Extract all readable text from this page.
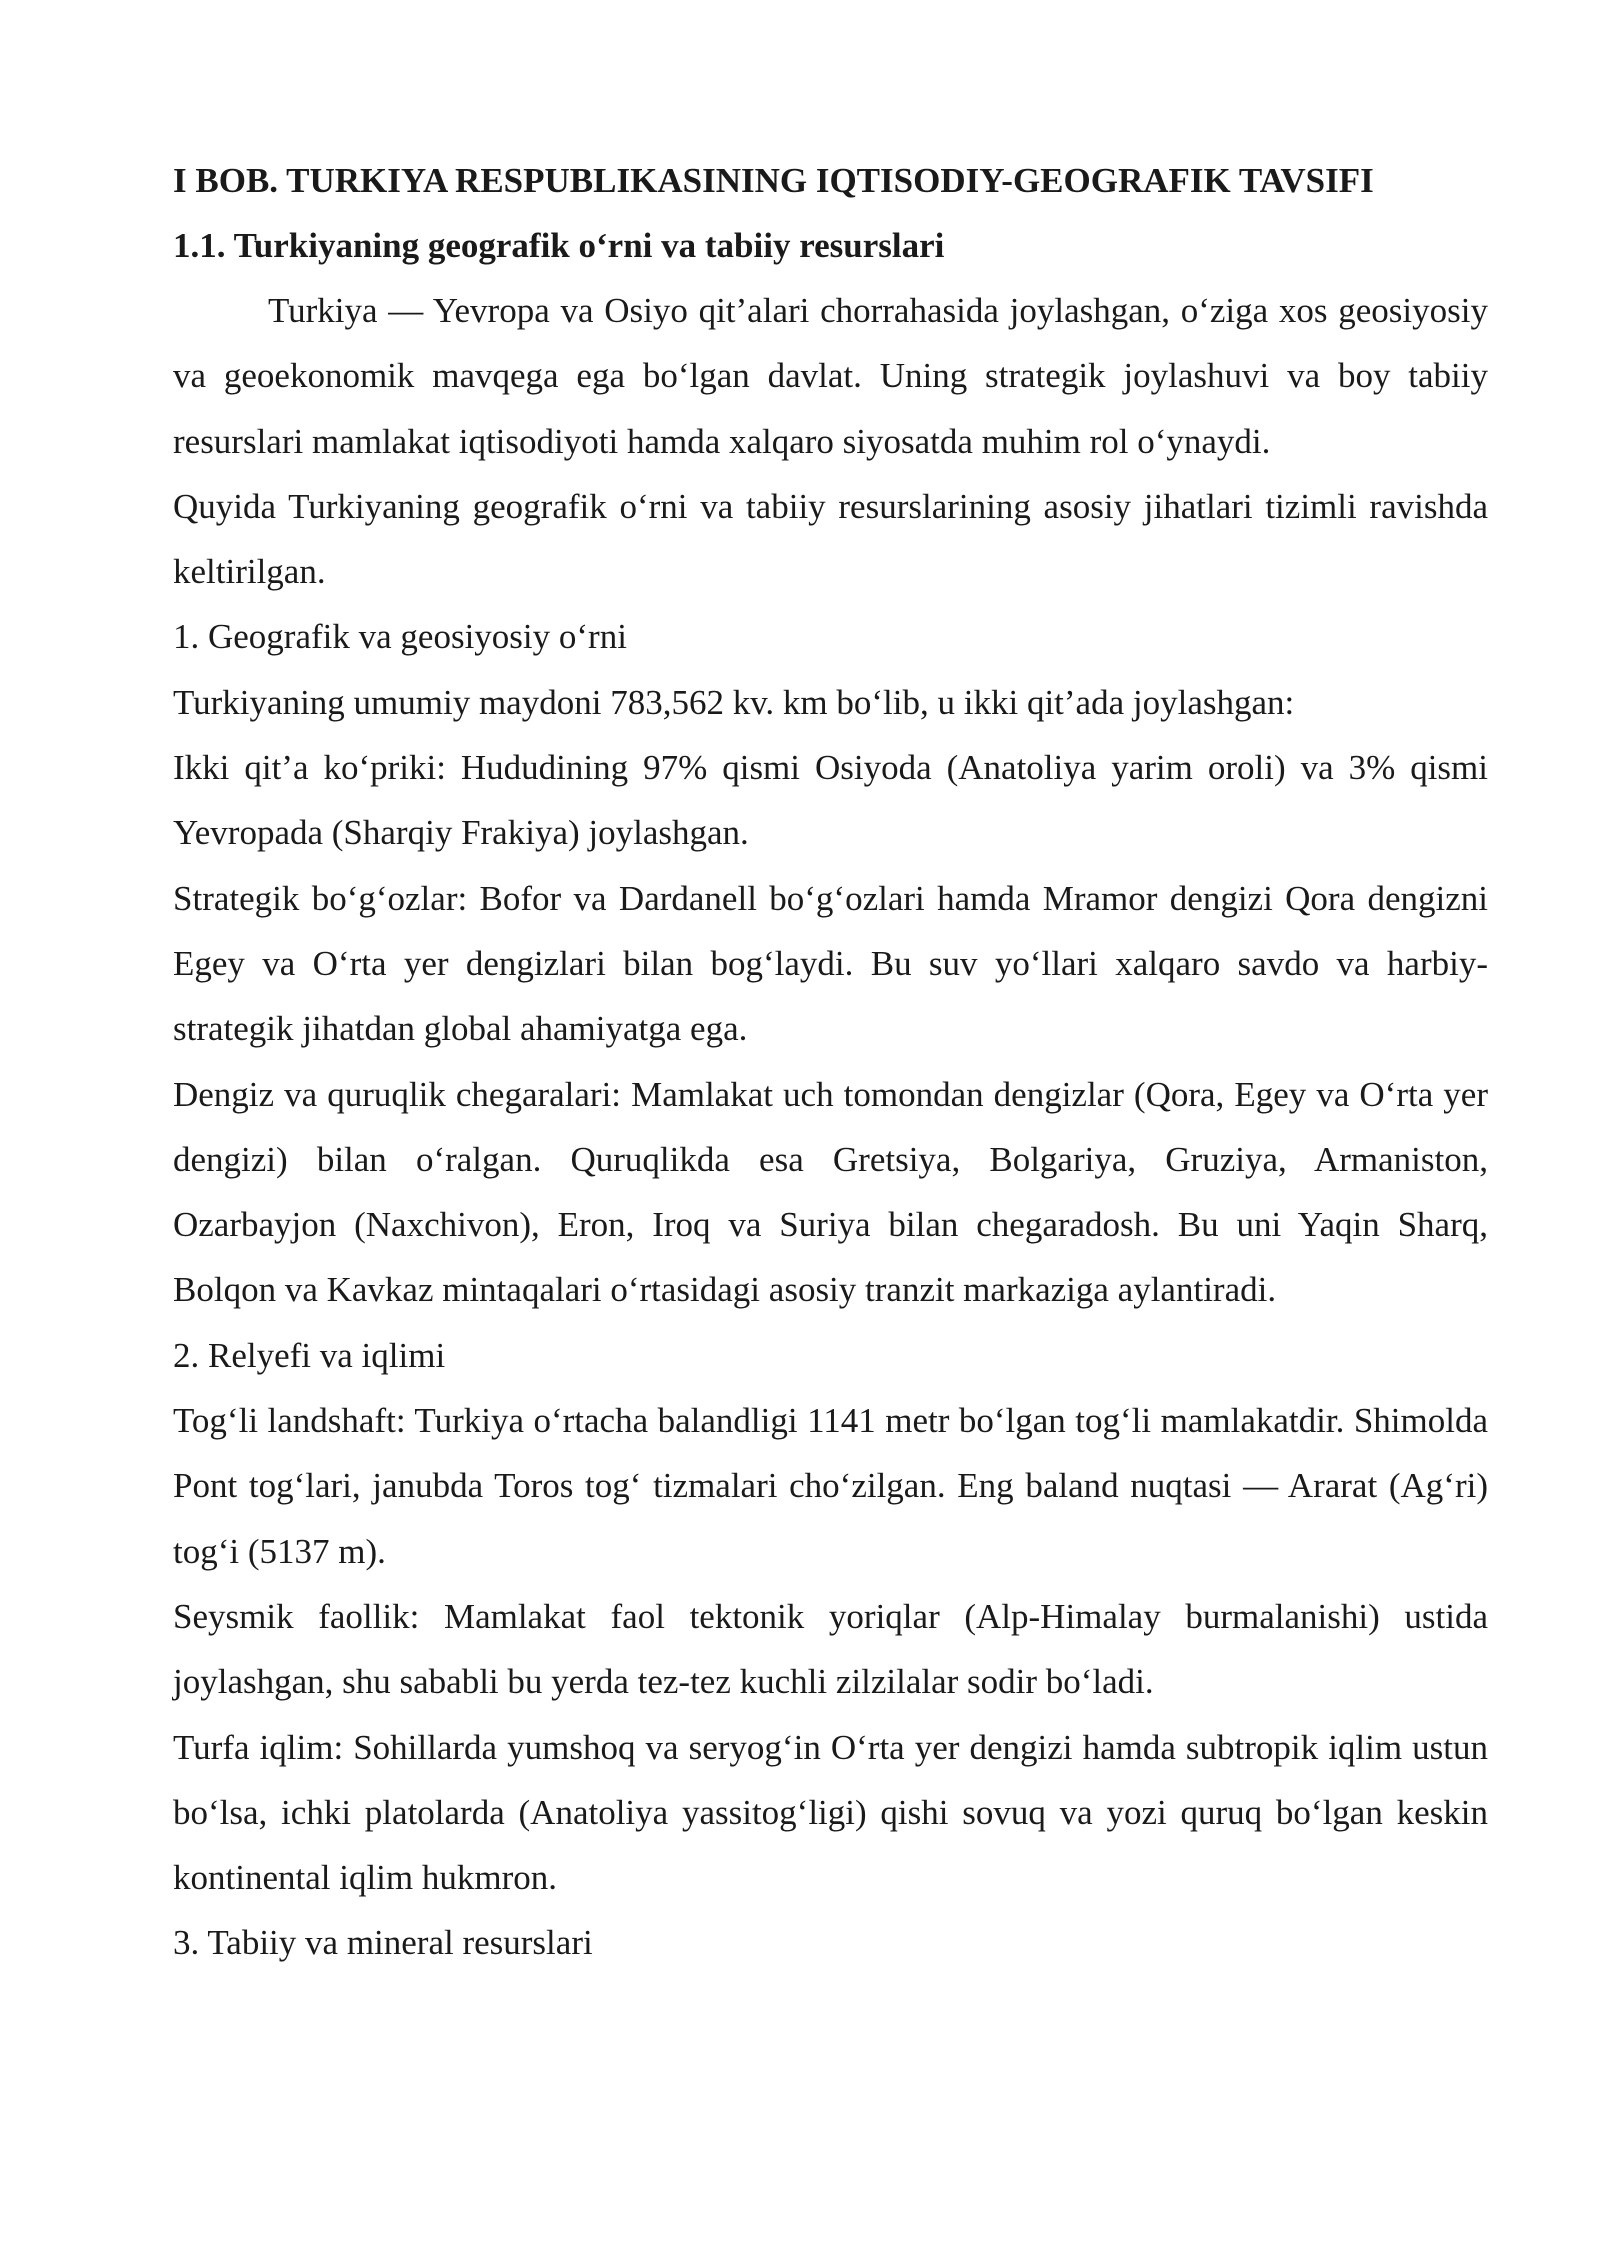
I BOB. TURKIYA RESPUBLIKASINING IQTISODIY-GEOGRAFIK TAVSIFI
1.1. Turkiyaning geografik o‘rni va tabiiy resurslari

Turkiya — Yevropa va Osiyo qit’alari chorrahasida joylashgan, o‘ziga xos geosiyosiy va geoekonomik mavqega ega bo‘lgan davlat. Uning strategik joylashuvi va boy tabiiy resurslari mamlakat iqtisodiyoti hamda xalqaro siyosatda muhim rol o‘ynaydi.

Quyida Turkiyaning geografik o‘rni va tabiiy resurslarining asosiy jihatlari tizimli ravishda keltirilgan.

1. Geografik va geosiyosiy o‘rni

Turkiyaning umumiy maydoni 783,562 kv. km bo‘lib, u ikki qit’ada joylashgan:

Ikki qit’a ko‘priki: Hududining 97% qismi Osiyoda (Anatoliya yarim oroli) va 3% qismi Yevropada (Sharqiy Frakiya) joylashgan.

Strategik bo‘g‘ozlar: Bofor va Dardanell bo‘g‘ozlari hamda Mramor dengizi Qora dengizni Egey va O‘rta yer dengizlari bilan bog‘laydi. Bu suv yo‘llari xalqaro savdo va harbiy-strategik jihatdan global ahamiyatga ega.

Dengiz va quruqlik chegaralari: Mamlakat uch tomondan dengizlar (Qora, Egey va O‘rta yer dengizi) bilan o‘ralgan. Quruqlikda esa Gretsiya, Bolgariya, Gruziya, Armaniston, Ozarbayjon (Naxchivon), Eron, Iroq va Suriya bilan chegaradosh. Bu uni Yaqin Sharq, Bolqon va Kavkaz mintaqalari o‘rtasidagi asosiy tranzit markaziga aylantiradi.

2. Relyefi va iqlimi

Tog‘li landshaft: Turkiya o‘rtacha balandligi 1141 metr bo‘lgan tog‘li mamlakatdir. Shimolda Pont tog‘lari, janubda Toros tog‘ tizmalari cho‘zilgan. Eng baland nuqtasi — Ararat (Ag‘ri) tog‘i (5137 m).

Seysmik faollik: Mamlakat faol tektonik yoriqlar (Alp-Himalay burmalanishi) ustida joylashgan, shu sababli bu yerda tez-tez kuchli zilzilalar sodir bo‘ladi.

Turfa iqlim: Sohillarda yumshoq va seryog‘in O‘rta yer dengizi hamda subtropik iqlim ustun bo‘lsa, ichki platolarda (Anatoliya yassitog‘ligi) qishi sovuq va yozi quruq bo‘lgan keskin kontinental iqlim hukmron.

3. Tabiiy va mineral resurslari
